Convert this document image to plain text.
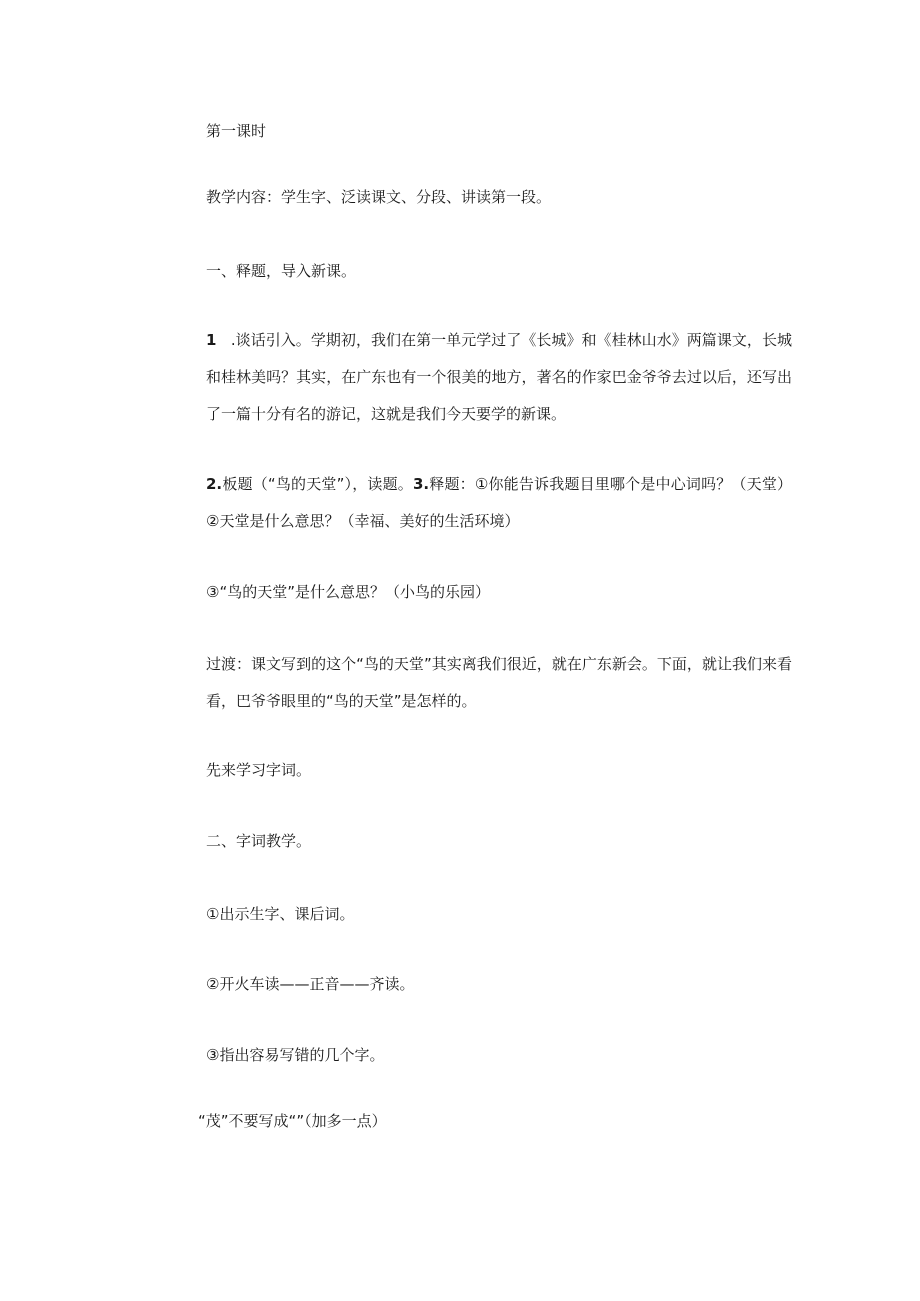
第一课时

教学内容：学生字、泛读课文、分段、讲读第一段。

一、释题，导入新课。

1 .谈话引入。学期初，我们在第一单元学过了《长城》和《桂林山水》两篇课文，长城和桂林美吗？其实，在广东也有一个很美的地方，著名的作家巴金爷爷去过以后，还写出了一篇十分有名的游记，这就是我们今天要学的新课。

2.板题（“鸟的天堂”），读题。3.释题：①你能告诉我题目里哪个是中心词吗？（天堂）②天堂是什么意思？（幸福、美好的生活环境）

③“鸟的天堂”是什么意思？（小鸟的乐园）

过渡：课文写到的这个“鸟的天堂”其实离我们很近，就在广东新会。下面，就让我们来看看，巴爷爷眼里的“鸟的天堂”是怎样的。

先来学习字词。

二、字词教学。

①出示生字、课后词。

②开火车读——正音——齐读。

③指出容易写错的几个字。

“茂”不要写成“”（加多一点）
